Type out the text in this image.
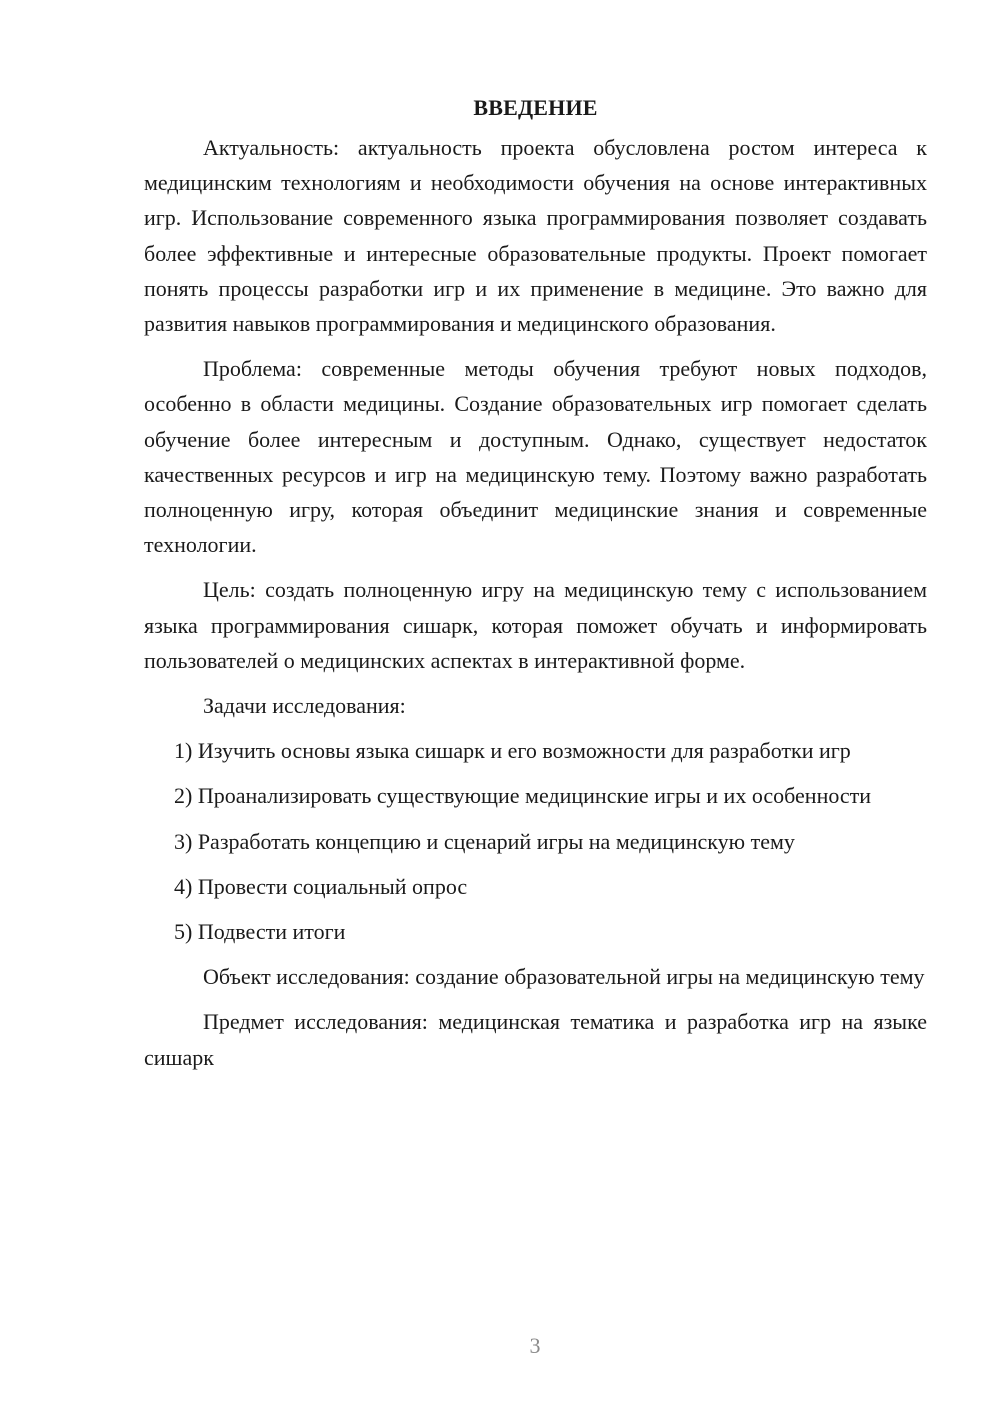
ВВЕДЕНИЕ

Актуальность: актуальность проекта обусловлена ростом интереса к медицинским технологиям и необходимости обучения на основе интерактивных игр. Использование современного языка программирования позволяет создавать более эффективные и интересные образовательные продукты. Проект помогает понять процессы разработки игр и их применение в медицине. Это важно для развития навыков программирования и медицинского образования.

Проблема: современные методы обучения требуют новых подходов, особенно в области медицины. Создание образовательных игр помогает сделать обучение более интересным и доступным. Однако, существует недостаток качественных ресурсов и игр на медицинскую тему. Поэтому важно разработать полноценную игру, которая объединит медицинские знания и современные технологии.

Цель: создать полноценную игру на медицинскую тему с использованием языка программирования сишарк, которая поможет обучать и информировать пользователей о медицинских аспектах в интерактивной форме.

Задачи исследования:

1) Изучить основы языка сишарк и его возможности для разработки игр

2) Проанализировать существующие медицинские игры и их особенности

3) Разработать концепцию и сценарий игры на медицинскую тему

4) Провести социальный опрос

5) Подвести итоги

Объект исследования: создание образовательной игры на медицинскую тему

Предмет исследования: медицинская тематика и разработка игр на языке сишарк

3
